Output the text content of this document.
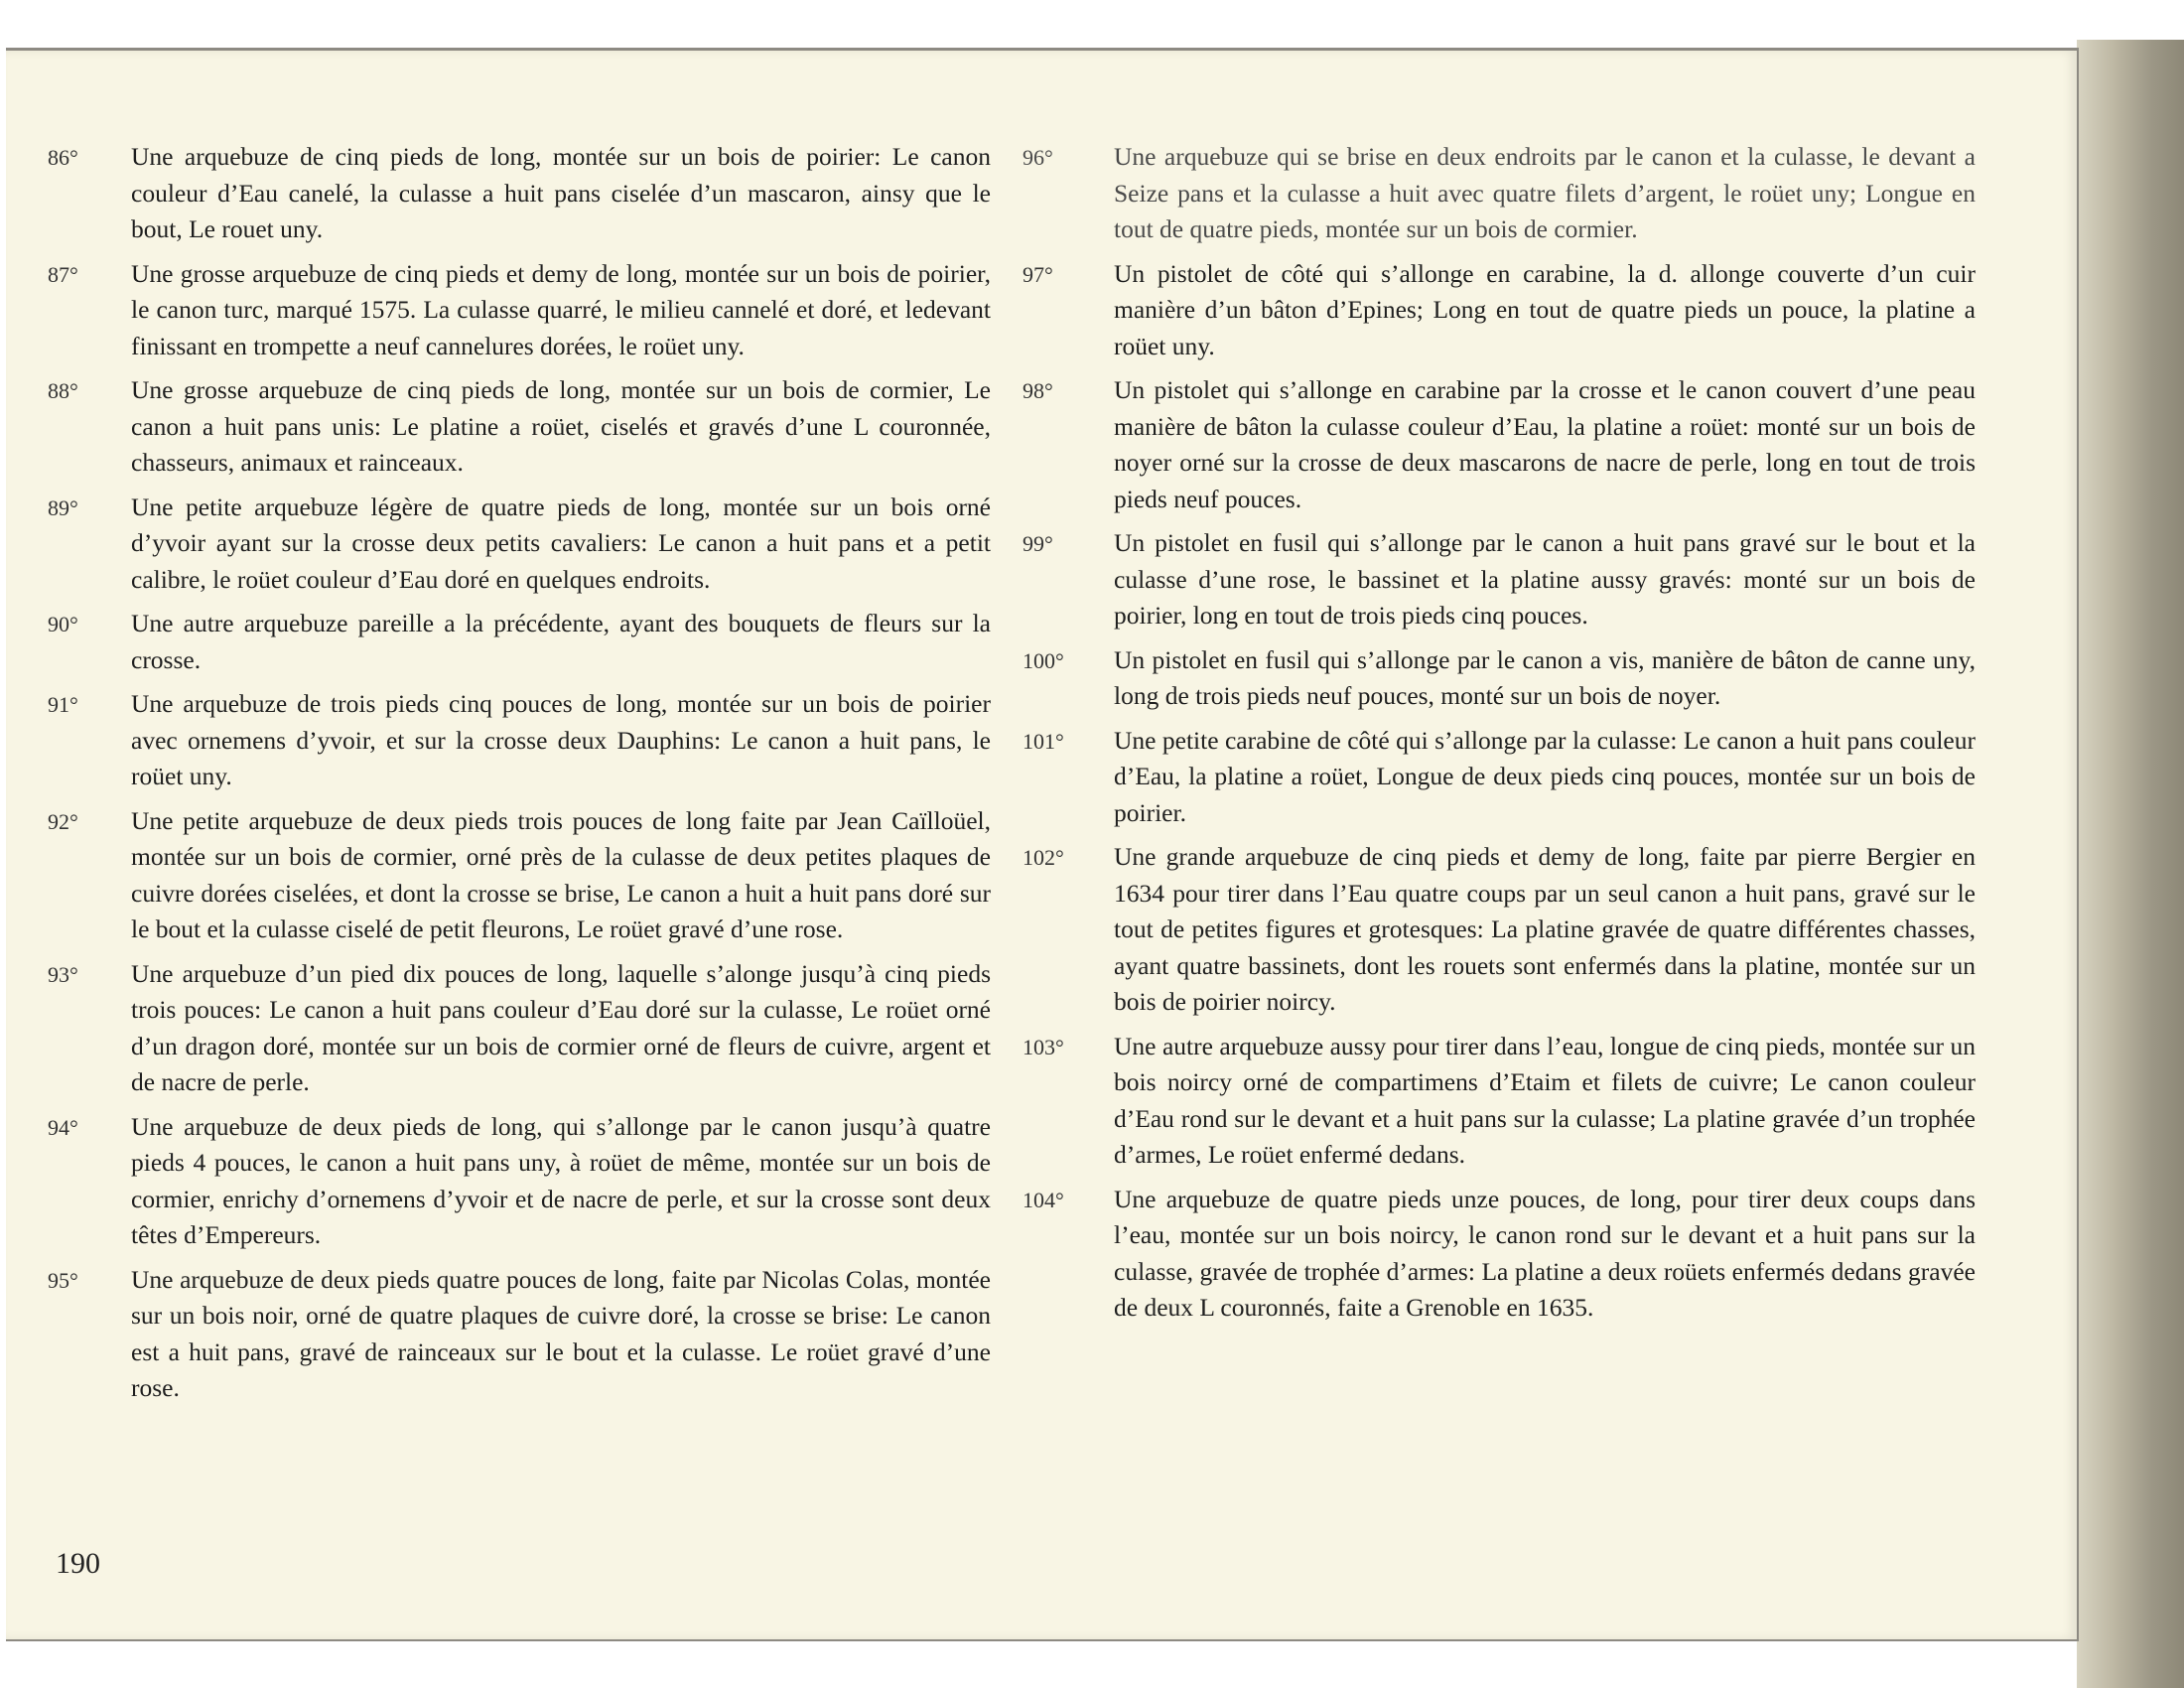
86°	Une arquebuze de cinq pieds de long, montée sur un bois de poirier: Le canon couleur d’Eau canelé, la culasse a huit pans ciselée d’un mascaron, ainsy que le bout, Le rouet uny.

87°	Une grosse arquebuze de cinq pieds et demy de long, montée sur un bois de poirier, le canon turc, marqué 1575. La culasse quarré, le milieu cannelé et doré, et ledevant finissant en trompette a neuf cannelures dorées, le roüet uny.

88°	Une grosse arquebuze de cinq pieds de long, montée sur un bois de cormier, Le canon a huit pans unis: Le platine a roüet, ciselés et gravés d’une L couronnée, chasseurs, animaux et rainceaux.

89°	Une petite arquebuze légère de quatre pieds de long, montée sur un bois orné d’yvoir ayant sur la crosse deux petits cavaliers: Le canon a huit pans et a petit calibre, le roüet couleur d’Eau doré en quelques endroits.

90°	Une autre arquebuze pareille a la précédente, ayant des bouquets de fleurs sur la crosse.

91°	Une arquebuze de trois pieds cinq pouces de long, montée sur un bois de poirier avec ornemens d’yvoir, et sur la crosse deux Dauphins: Le canon a huit pans, le roüet uny.

92°	Une petite arquebuze de deux pieds trois pouces de long faite par Jean Caïlloüel, montée sur un bois de cormier, orné près de la culasse de deux petites plaques de cuivre dorées ciselées, et dont la crosse se brise, Le canon a huit a huit pans doré sur le bout et la culasse ciselé de petit fleurons, Le roüet gravé d’une rose.

93°	Une arquebuze d’un pied dix pouces de long, laquelle s’alonge jusqu’à cinq pieds trois pouces: Le canon a huit pans couleur d’Eau doré sur la culasse, Le roüet orné d’un dragon doré, montée sur un bois de cormier orné de fleurs de cuivre, argent et de nacre de perle.

94°	Une arquebuze de deux pieds de long, qui s’allonge par le canon jusqu’à quatre pieds 4 pouces, le canon a huit pans uny, à roüet de même, montée sur un bois de cormier, enrichy d’ornemens d’yvoir et de nacre de perle, et sur la crosse sont deux têtes d’Empereurs.

95°	Une arquebuze de deux pieds quatre pouces de long, faite par Nicolas Colas, montée sur un bois noir, orné de quatre plaques de cuivre doré, la crosse se brise: Le canon est a huit pans, gravé de rainceaux sur le bout et la culasse. Le roüet gravé d’une rose.

96°	Une arquebuze qui se brise en deux endroits par le canon et la culasse, le devant a Seize pans et la culasse a huit avec quatre filets d’argent, le roüet uny; Longue en tout de quatre pieds, montée sur un bois de cormier.

97°	Un pistolet de côté qui s’allonge en carabine, la d. allonge couverte d’un cuir manière d’un bâton d’Epines; Long en tout de quatre pieds un pouce, la platine a roüet uny.

98°	Un pistolet qui s’allonge en carabine par la crosse et le canon couvert d’une peau manière de bâton la culasse couleur d’Eau, la platine a roüet: monté sur un bois de noyer orné sur la crosse de deux mascarons de nacre de perle, long en tout de trois pieds neuf pouces.

99°	Un pistolet en fusil qui s’allonge par le canon a huit pans gravé sur le bout et la culasse d’une rose, le bassinet et la platine aussy gravés: monté sur un bois de poirier, long en tout de trois pieds cinq pouces.

100°	Un pistolet en fusil qui s’allonge par le canon a vis, manière de bâton de canne uny, long de trois pieds neuf pouces, monté sur un bois de noyer.

101°	Une petite carabine de côté qui s’allonge par la culasse: Le canon a huit pans couleur d’Eau, la platine a roüet, Longue de deux pieds cinq pouces, montée sur un bois de poirier.

102°	Une grande arquebuze de cinq pieds et demy de long, faite par pierre Bergier en 1634 pour tirer dans l’Eau quatre coups par un seul canon a huit pans, gravé sur le tout de petites figures et grotesques: La platine gravée de quatre différentes chasses, ayant quatre bassinets, dont les rouets sont enfermés dans la platine, montée sur un bois de poirier noircy.

103°	Une autre arquebuze aussy pour tirer dans l’eau, longue de cinq pieds, montée sur un bois noircy orné de compartimens d’Etaim et filets de cuivre; Le canon couleur d’Eau rond sur le devant et a huit pans sur la culasse; La platine gravée d’un trophée d’armes, Le roüet enfermé dedans.

104°	Une arquebuze de quatre pieds unze pouces, de long, pour tirer deux coups dans l’eau, montée sur un bois noircy, le canon rond sur le devant et a huit pans sur la culasse, gravée de trophée d’armes: La platine a deux roüets enfermés dedans gravée de deux L couronnés, faite a Grenoble en 1635.

190
